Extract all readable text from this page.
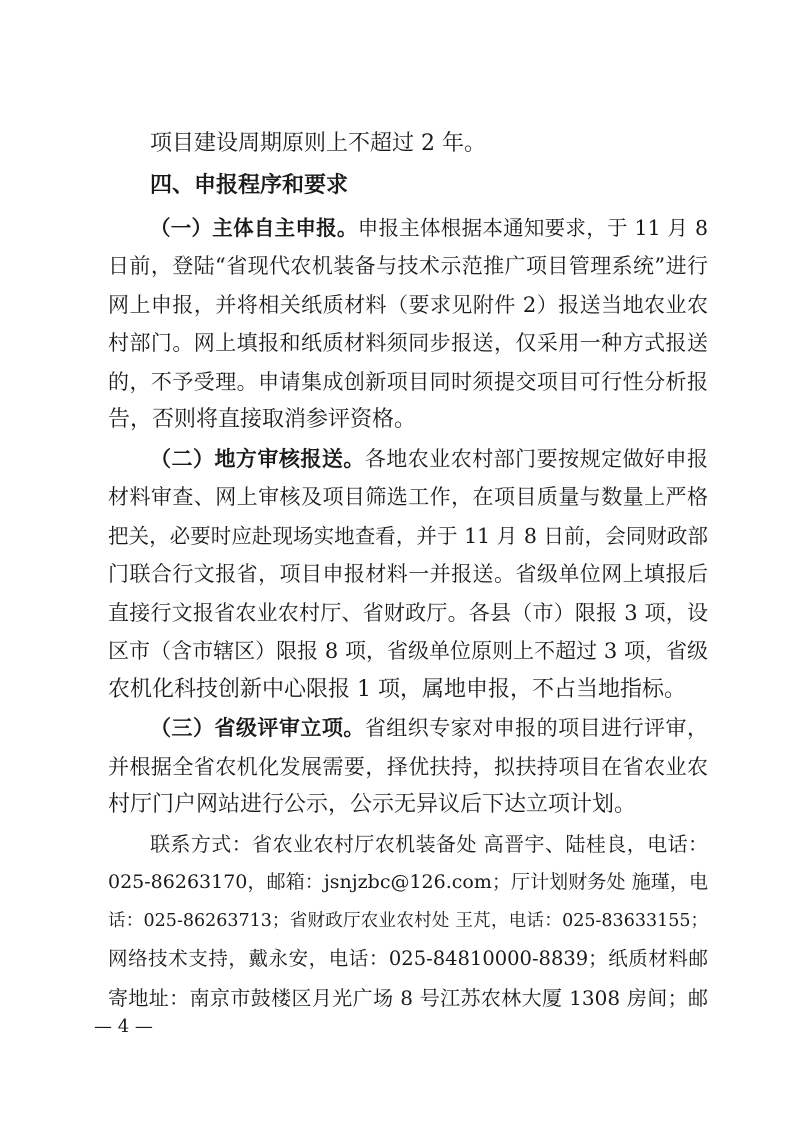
项目建设周期原则上不超过 2 年。
四、申报程序和要求
（一）主体自主申报。申报主体根据本通知要求，于 11 月 8
日前，登陆“省现代农机装备与技术示范推广项目管理系统”进行
网上申报，并将相关纸质材料（要求见附件 2）报送当地农业农
村部门。网上填报和纸质材料须同步报送，仅采用一种方式报送
的，不予受理。申请集成创新项目同时须提交项目可行性分析报
告，否则将直接取消参评资格。
（二）地方审核报送。各地农业农村部门要按规定做好申报
材料审查、网上审核及项目筛选工作，在项目质量与数量上严格
把关，必要时应赴现场实地查看，并于 11 月 8 日前，会同财政部
门联合行文报省，项目申报材料一并报送。省级单位网上填报后
直接行文报省农业农村厅、省财政厅。各县（市）限报 3 项，设
区市（含市辖区）限报 8 项，省级单位原则上不超过 3 项，省级
农机化科技创新中心限报 1 项，属地申报，不占当地指标。
（三）省级评审立项。省组织专家对申报的项目进行评审，
并根据全省农机化发展需要，择优扶持，拟扶持项目在省农业农
村厅门户网站进行公示，公示无异议后下达立项计划。
联系方式：省农业农村厅农机装备处 高晋宇、陆桂良，电话：
025-86263170，邮箱：jsnjzbc@126.com；厅计划财务处 施瑾，电
话：025-86263713；省财政厅农业农村处 王芃，电话：025-83633155；
网络技术支持，戴永安，电话：025-84810000-8839；纸质材料邮
寄地址：南京市鼓楼区月光广场 8 号江苏农林大厦 1308 房间；邮
— 4 —
